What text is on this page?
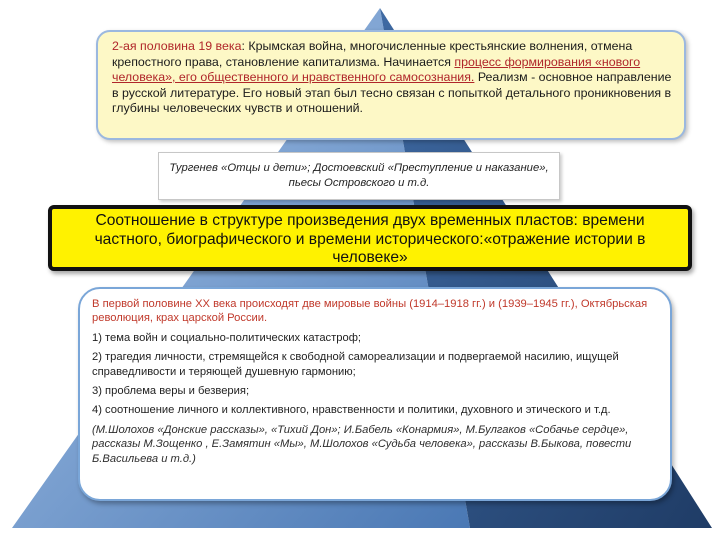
2-ая половина 19 века: Крымская война, многочисленные крестьянские волнения, отмена крепостного права, становление капитализма. Начинается процесс формирования «нового человека», его общественного и нравственного самосознания. Реализм - основное направление в русской литературе. Его новый этап был тесно связан с попыткой детального проникновения в глубины человеческих чувств и отношений.
Тургенев «Отцы и дети»; Достоевский «Преступление и наказание», пьесы Островского и т.д.
Соотношение в структуре произведения двух временных пластов: времени частного, биографического и времени исторического:«отражение истории в человеке»

В первой половине XX века происходят две мировые войны (1914–1918 гг.) и (1939–1945 гг.), Октябрьская революция, крах царской России.

1) тема войн и социально-политических катастроф;

2) трагедия личности, стремящейся к свободной самореализации и подвергаемой насилию, ищущей справедливости и теряющей душевную гармонию;

3) проблема веры и безверия;

4) соотношение личного и коллективного, нравственности и политики, духовного и этического и т.д.

(М.Шолохов «Донские рассказы», «Тихий Дон»; И.Бабель «Конармия», М.Булгаков «Собачье сердце», рассказы М.Зощенко , Е.Замятин «Мы», М.Шолохов «Судьба человека», рассказы В.Быкова, повести Б.Васильева и т.д.)
